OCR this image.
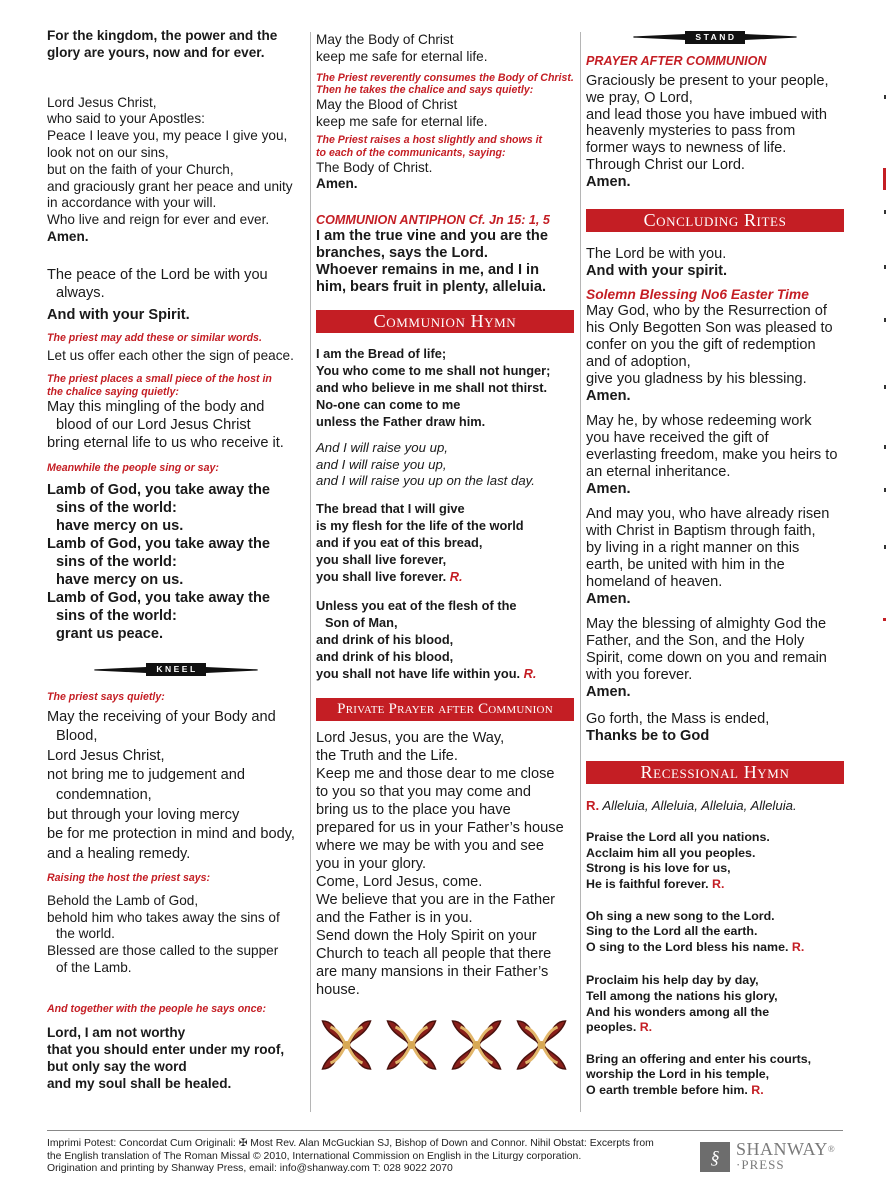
For the kingdom, the power and the
glory are yours, now and for ever.

Lord Jesus Christ,
who said to your Apostles:
Peace I leave you, my peace I give you,
look not on our sins,
but on the faith of your Church,
and graciously grant her peace and unity
in accordance with your will.
Who live and reign for ever and ever.
Amen.

The peace of the Lord be with you
always.

And with your Spirit.

The priest may add these or similar words.

Let us offer each other the sign of peace.

The priest places a small piece of the host in
the chalice saying quietly:

May this mingling of the body and
blood of our Lord Jesus Christ
bring eternal life to us who receive it.

Meanwhile the people sing or say:

Lamb of God, you take away the
sins of the world:
have mercy on us.
Lamb of God, you take away the
sins of the world:
have mercy on us.
Lamb of God, you take away the
sins of the world:
grant us peace.

KNEEL

The priest says quietly:

May the receiving of your Body and
Blood,
Lord Jesus Christ,
not bring me to judgement and
condemnation,
but through your loving mercy
be for me protection in mind and body,
and a healing remedy.

Raising the host the priest says:

Behold the Lamb of God,
behold him who takes away the sins of
the world.
Blessed are those called to the supper
of the Lamb.

And together with the people he says once:

Lord, I am not worthy
that you should enter under my roof,
but only say the word
and my soul shall be healed.

May the Body of Christ
keep me safe for eternal life.

The Priest reverently consumes the Body of Christ.
Then he takes the chalice and says quietly:

May the Blood of Christ
keep me safe for eternal life.

The Priest raises a host slightly and shows it
to each of the communicants, saying:

The Body of Christ.
Amen.

COMMUNION ANTIPHON Cf. Jn 15: 1, 5

I am the true vine and you are the
branches, says the Lord.
Whoever remains in me, and I in
him, bears fruit in plenty, alleluia.

Communion Hymn

I am the Bread of life;
You who come to me shall not hunger;
and who believe in me shall not thirst.
No-one can come to me
unless the Father draw him.

And I will raise you up,
and I will raise you up,
and I will raise you up on the last day.

The bread that I will give
is my flesh for the life of the world
and if you eat of this bread,
you shall live forever,
you shall live forever. R.

Unless you eat of the flesh of the
Son of Man,
and drink of his blood,
and drink of his blood,
you shall not have life within you. R.

Private Prayer after Communion

Lord Jesus, you are the Way,
the Truth and the Life.
Keep me and those dear to me close
to you so that you may come and
bring us to the place you have
prepared for us in your Father’s house
where we may be with you and see
you in your glory.
Come, Lord Jesus, come.
We believe that you are in the Father
and the Father is in you.
Send down the Holy Spirit on your
Church to teach all people that there
are many mansions in their Father’s
house.

STAND

PRAYER AFTER COMMUNION

Graciously be present to your people,
we pray, O Lord,
and lead those you have imbued with
heavenly mysteries to pass from
former ways to newness of life.
Through Christ our Lord.
Amen.

Concluding Rites

The Lord be with you.
And with your spirit.

Solemn Blessing No6 Easter Time

May God, who by the Resurrection of
his Only Begotten Son was pleased to
confer on you the gift of redemption
and of adoption,
give you gladness by his blessing.
Amen.

May he, by whose redeeming work
you have received the gift of
everlasting freedom, make you heirs to
an eternal inheritance.
Amen.

And may you, who have already risen
with Christ in Baptism through faith,
by living in a right manner on this
earth, be united with him in the
homeland of heaven.
Amen.

May the blessing of almighty God the
Father, and the Son, and the Holy
Spirit, come down on you and remain
with you forever.
Amen.

Go forth, the Mass is ended,
Thanks be to God

Recessional Hymn

R. Alleluia, Alleluia, Alleluia, Alleluia.

Praise the Lord all you nations.
Acclaim him all you peoples.
Strong is his love for us,
He is faithful forever. R.

Oh sing a new song to the Lord.
Sing to the Lord all the earth.
O sing to the Lord bless his name. R.

Proclaim his help day by day,
Tell among the nations his glory,
And his wonders among all the
peoples. R.

Bring an offering and enter his courts,
worship the Lord in his temple,
O earth tremble before him. R.

Imprimi Potest: Concordat Cum Originali: ✠ Most Rev. Alan McGuckian SJ, Bishop of Down and Connor. Nihil Obstat: Excerpts from
the English translation of The Roman Missal © 2010, International Commission on English in the Liturgy corporation.
Origination and printing by Shanway Press, email: info@shanway.com T: 028 9022 2070
§ SHANWAY®
·PRESS
